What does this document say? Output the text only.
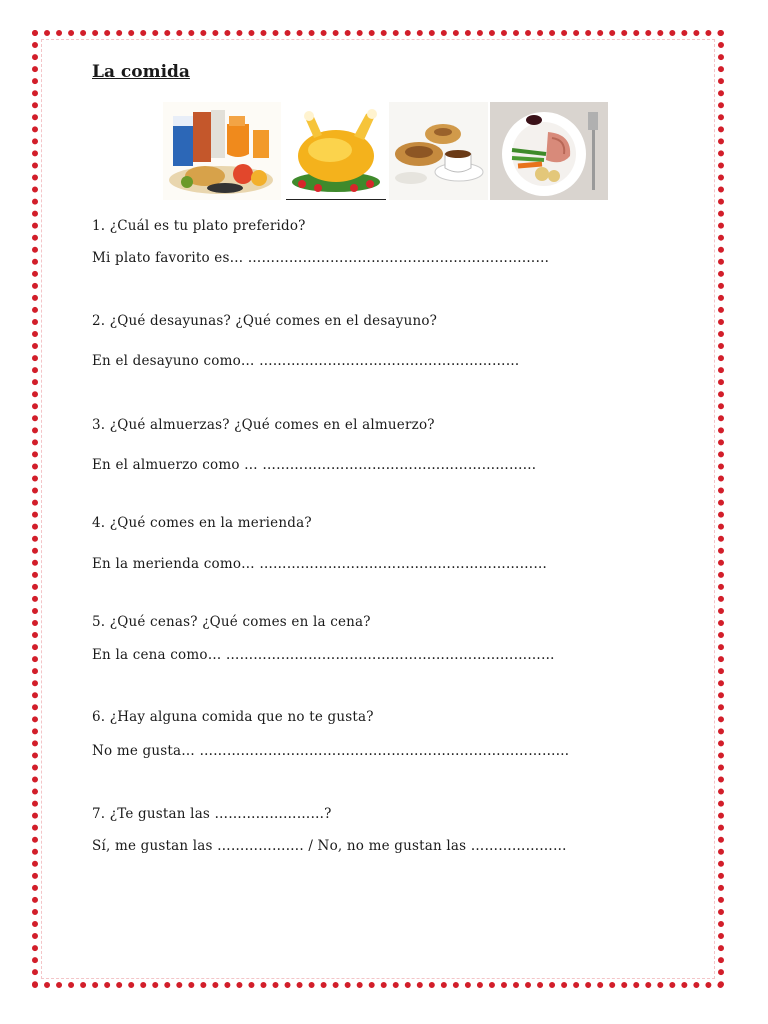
La comida
1. ¿Cuál es tu plato preferido?
Mi plato favorito es… …………………………………………………………
2. ¿Qué desayunas? ¿Qué comes en el desayuno?
En el desayuno como… …………………………………………………
3. ¿Qué almuerzas? ¿Qué comes en el almuerzo?
En el almuerzo como … ……………………………………………………
4. ¿Qué comes en la merienda?
En la merienda como… ………………………………………………………
5. ¿Qué cenas? ¿Qué comes en la cena?
En la cena como… ………………………………………………………………
6. ¿Hay alguna comida que no te gusta?
No me gusta… ………………………………………………………………………
7. ¿Te gustan las ……………………?
Sí, me gustan las ………………. / No, no me gustan las …………………
